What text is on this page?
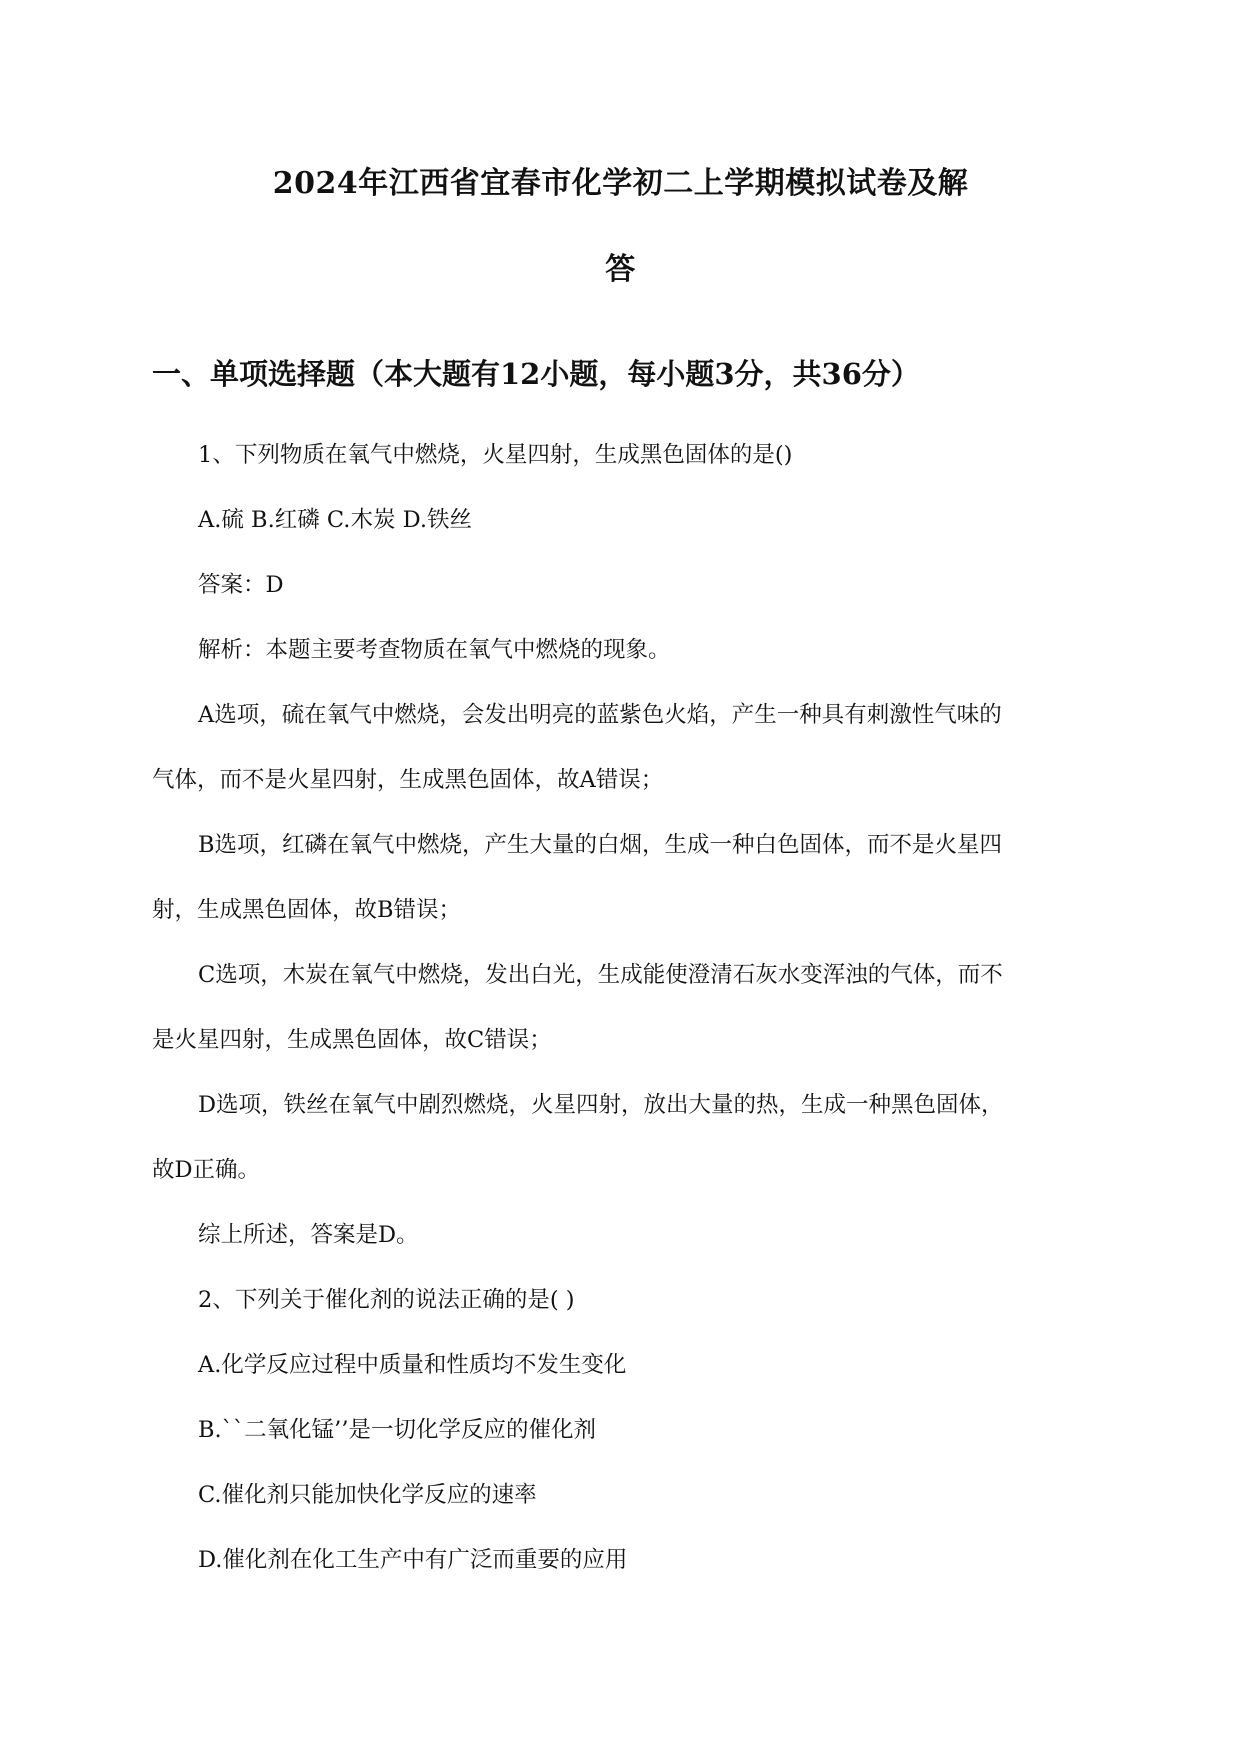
2024年江西省宜春市化学初二上学期模拟试卷及解
答
一、单项选择题（本大题有12小题，每小题3分，共36分）
1、下列物质在氧气中燃烧，火星四射，生成黑色固体的是()
A.硫 B.红磷 C.木炭 D.铁丝
答案：D
解析：本题主要考查物质在氧气中燃烧的现象。
A选项，硫在氧气中燃烧，会发出明亮的蓝紫色火焰，产生一种具有刺激性气味的
气体，而不是火星四射，生成黑色固体，故A错误；
B选项，红磷在氧气中燃烧，产生大量的白烟，生成一种白色固体，而不是火星四
射，生成黑色固体，故B错误；
C选项，木炭在氧气中燃烧，发出白光，生成能使澄清石灰水变浑浊的气体，而不
是火星四射，生成黑色固体，故C错误；
D选项，铁丝在氧气中剧烈燃烧，火星四射，放出大量的热，生成一种黑色固体，
故D正确。
综上所述，答案是D。
2、下列关于催化剂的说法正确的是( )
A.化学反应过程中质量和性质均不发生变化
B.``二氧化锰’’是一切化学反应的催化剂
C.催化剂只能加快化学反应的速率
D.催化剂在化工生产中有广泛而重要的应用
